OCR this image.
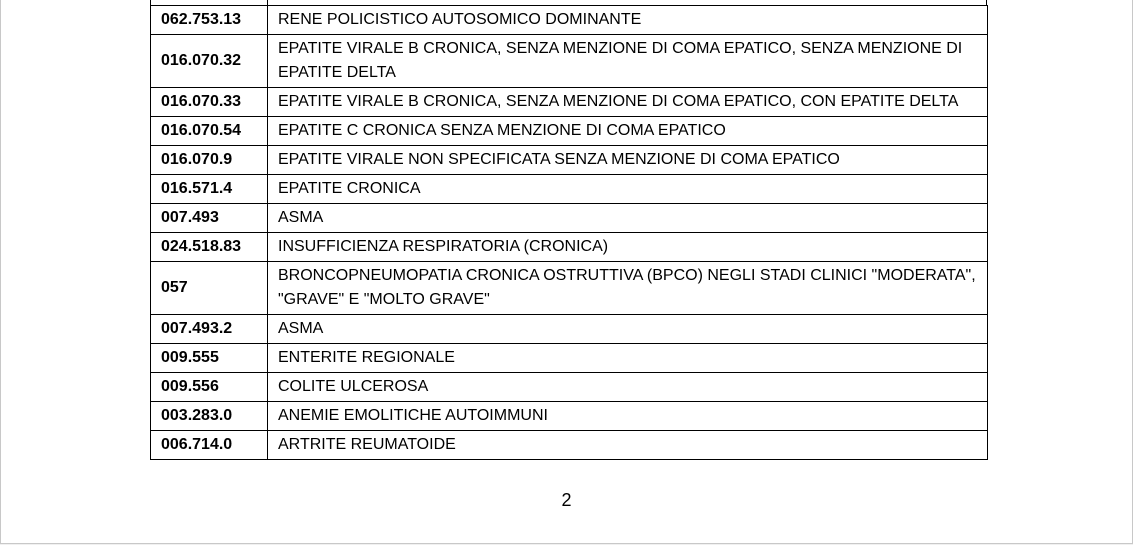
062.753.13	RENE POLICISTICO AUTOSOMICO DOMINANTE
016.070.32	EPATITE VIRALE B CRONICA, SENZA MENZIONE DI COMA EPATICO, SENZA MENZIONE DI EPATITE DELTA
016.070.33	EPATITE VIRALE B CRONICA, SENZA MENZIONE DI COMA EPATICO, CON EPATITE DELTA
016.070.54	EPATITE C CRONICA SENZA MENZIONE DI COMA EPATICO
016.070.9	EPATITE VIRALE NON SPECIFICATA SENZA MENZIONE DI COMA EPATICO
016.571.4	EPATITE CRONICA
007.493	ASMA
024.518.83	INSUFFICIENZA RESPIRATORIA (CRONICA)
057	BRONCOPNEUMOPATIA CRONICA OSTRUTTIVA (BPCO) NEGLI STADI CLINICI "MODERATA", "GRAVE" E "MOLTO GRAVE"
007.493.2	ASMA
009.555	ENTERITE REGIONALE
009.556	COLITE ULCEROSA
003.283.0	ANEMIE EMOLITICHE AUTOIMMUNI
006.714.0	ARTRITE REUMATOIDE
2
